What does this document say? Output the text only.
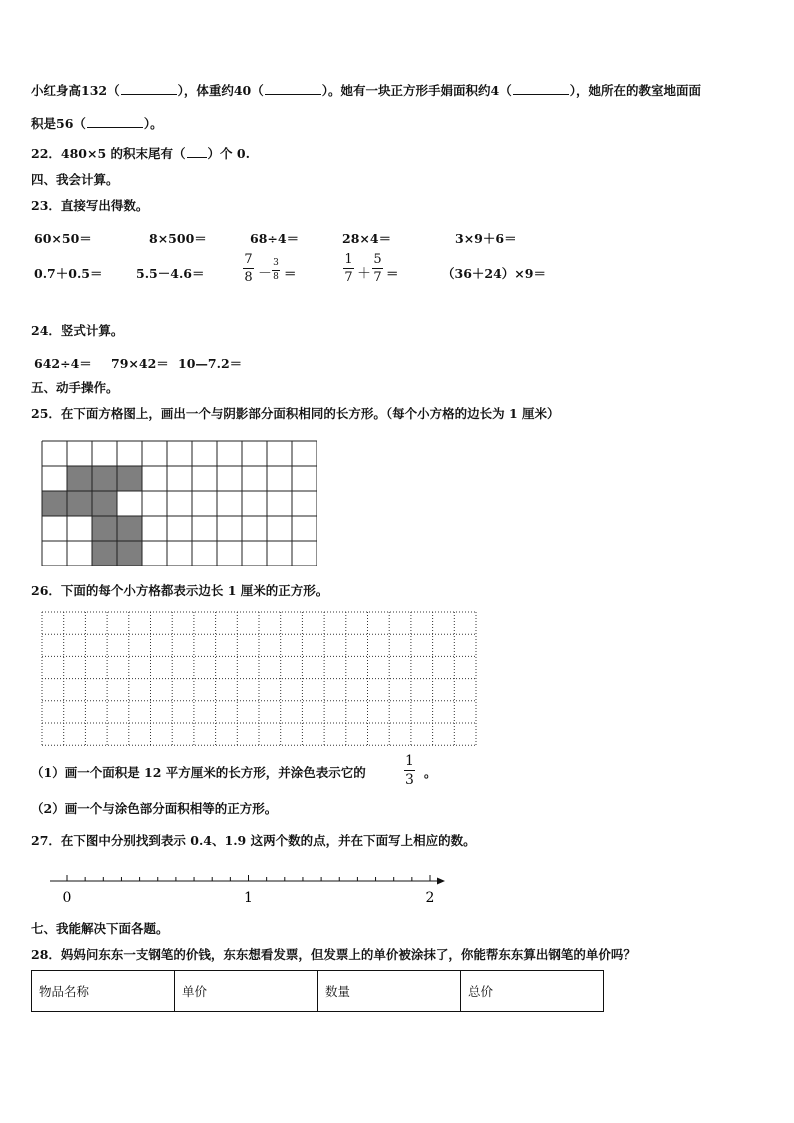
小红身高132（	），体重约40（	）。她有一块正方形手娟面积约4（	），她所在的教室地面面
积是56（	）。
22．480×5 的积末尾有（ ）个 0.
四、我会计算。
23．直接写出得数。
60×50＝	8×500＝	68÷4＝	28×4＝	3×9＋6＝
0.7＋0.5＝	5.5－4.6＝
7
8 －
3
8 ＝
1
7 ＋
5
7 ＝	（36＋24）×9＝
24．竖式计算。
642÷4＝ 79×42＝ 10—7.2＝
五、动手操作。
25．在下面方格图上，画出一个与阴影部分面积相同的长方形。（每个小方格的边长为 1 厘米）
26．下面的每个小方格都表示边长 1 厘米的正方形。
（1）画一个面积是 12 平方厘米的长方形，并涂色表示它的
1
3 。
（2）画一个与涂色部分面积相等的正方形。
27．在下图中分别找到表示 0.4、1.9 这两个数的点，并在下面写上相应的数。
0	1	2
七、我能解决下面各题。
28．妈妈问东东一支钢笔的价钱，东东想看发票，但发票上的单价被涂抹了，你能帮东东算出钢笔的单价吗？
物品名称	单价	数量	总价
